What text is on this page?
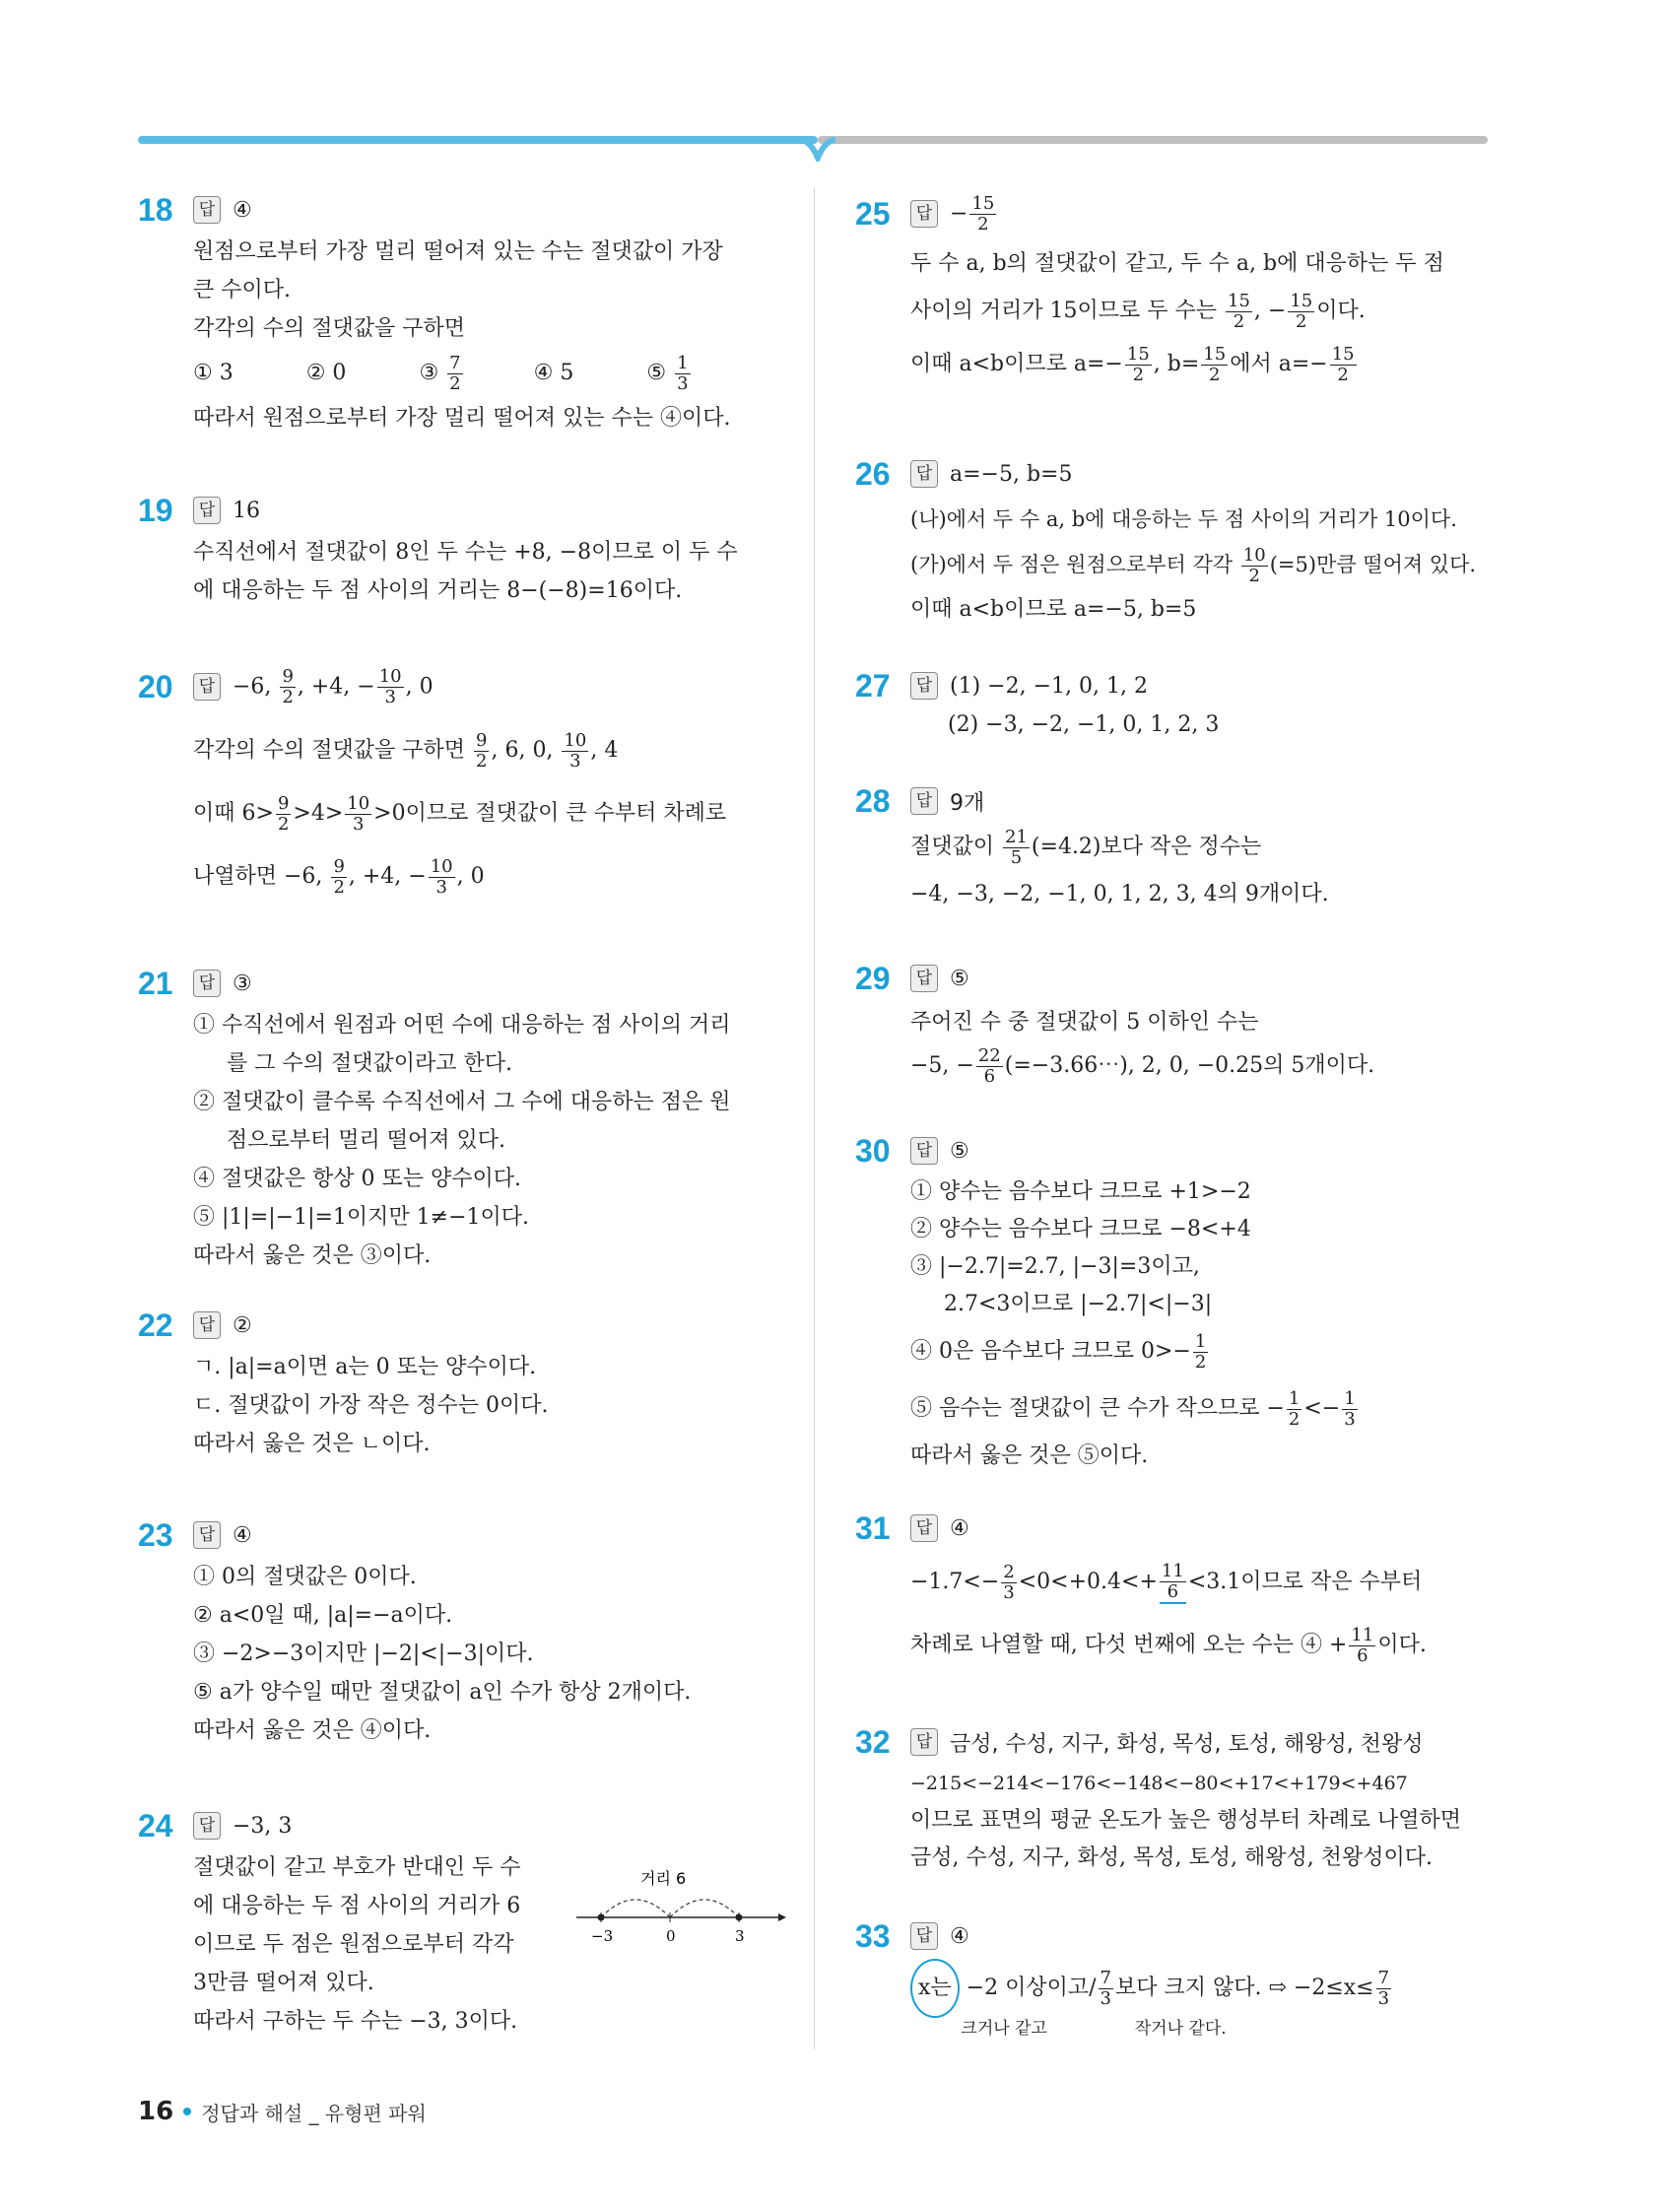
18	답 ④
원점으로부터 가장 멀리 떨어져 있는 수는 절댓값이 가장
큰 수이다.
각각의 수의 절댓값을 구하면
① 3	② 0	③ $\frac{7}{2}$	④ 5	⑤ $\frac{1}{3}$
따라서 원점으로부터 가장 멀리 떨어져 있는 수는 ④이다.
19	답 16
수직선에서 절댓값이 8인 두 수는 +8, −8이므로 이 두 수
에 대응하는 두 점 사이의 거리는 8−(−8)=16이다.
20	답 −6, $\frac{9}{2}$ , +4, − $\frac{10}{3}$ , 0
각각의 수의 절댓값을 구하면 $\frac{9}{2}$ , 6, 0, $\frac{10}{3}$ , 4
이때 $6> \frac{9}{2} >4> \frac{10}{3} >0$이므로 절댓값이 큰 수부터 차례로
나열하면 −6, $\frac{9}{2}$ , +4, − $\frac{10}{3}$ , 0
21	답 ③
① 수직선에서 원점과 어떤 수에 대응하는 점 사이의 거리
를 그 수의 절댓값이라고 한다.
② 절댓값이 클수록 수직선에서 그 수에 대응하는 점은 원
점으로부터 멀리 떨어져 있다.
④ 절댓값은 항상 0 또는 양수이다.
⑤ |1|=|−1|=1이지만 1≠−1이다.
따라서 옳은 것은 ③이다.
22	답 ②
ㄱ. |a|=a이면 a는 0 또는 양수이다.
ㄷ. 절댓값이 가장 작은 정수는 0이다.
따라서 옳은 것은 ㄴ이다.
23	답 ④
① 0의 절댓값은 0이다.
② a<0일 때, |a|=−a이다.
③ −2>−3이지만 |−2|<|−3|이다.
⑤ a가 양수일 때만 절댓값이 a인 수가 항상 2개이다.
따라서 옳은 것은 ④이다.
24	답 −3, 3
절댓값이 같고 부호가 반대인 두 수
에 대응하는 두 점 사이의 거리가 6
이므로 두 점은 원점으로부터 각각
3만큼 떨어져 있다.
따라서 구하는 두 수는 −3, 3이다.
거리 6
−3	0	3
25	답 − $\frac{15}{2}$
두 수 a, b의 절댓값이 같고, 두 수 a, b에 대응하는 두 점
사이의 거리가 15이므로 두 수는 $\frac{15}{2}$ , − $\frac{15}{2}$ 이다.
이때 a<b이므로 $a=- \frac{15}{2}$ , $b= \frac{15}{2}$ 에서 $a=- \frac{15}{2}$
26	답 a=−5, b=5
(나)에서 두 수 a, b에 대응하는 두 점 사이의 거리가 10이다.
(가)에서 두 점은 원점으로부터 각각 $\frac{10}{2} (=5)$만큼 떨어져 있다.
이때 a<b이므로 a=−5, b=5
27	답 (1) −2, −1, 0, 1, 2
(2) −3, −2, −1, 0, 1, 2, 3
28	답 9개
절댓값이 $\frac{21}{5} (=4.2)$보다 작은 정수는
−4, −3, −2, −1, 0, 1, 2, 3, 4의 9개이다.
29	답 ⑤
주어진 수 중 절댓값이 5 이하인 수는
−5, − $\frac{22}{6}$ (=−3.66⋯), 2, 0, −0.25의 5개이다.
30	답 ⑤
① 양수는 음수보다 크므로 +1>−2
② 양수는 음수보다 크므로 −8<+4
③ |−2.7|=2.7, |−3|=3이고,
2.7<3이므로 |−2.7|<|−3|
④ 0은 음수보다 크므로 $0>- \frac{1}{2}$
⑤ 음수는 절댓값이 큰 수가 작으므로 − $\frac{1}{2} <- \frac{1}{3}$
따라서 옳은 것은 ⑤이다.
31	답 ④
$-1.7<- \frac{2}{3} <0<+0.4<+ \frac{11}{6} <3.1$이므로 작은 수부터
차례로 나열할 때, 다섯 번째에 오는 수는 ④ + $\frac{11}{6}$ 이다.
32	답 금성, 수성, 지구, 화성, 목성, 토성, 해왕성, 천왕성
−215<−214<−176<−148<−80<+17<+179<+467
이므로 표면의 평균 온도가 높은 행성부터 차례로 나열하면
금성, 수성, 지구, 화성, 목성, 토성, 해왕성, 천왕성이다.
33	답 ④
x는 −2 이상이고/ $\frac{7}{3}$ 보다 크지 않다. ⇨ $-2\le x\le \frac{7}{3}$
크거나 같고	작거나 같다.
16 정답과 해설 _ 유형편 파워
